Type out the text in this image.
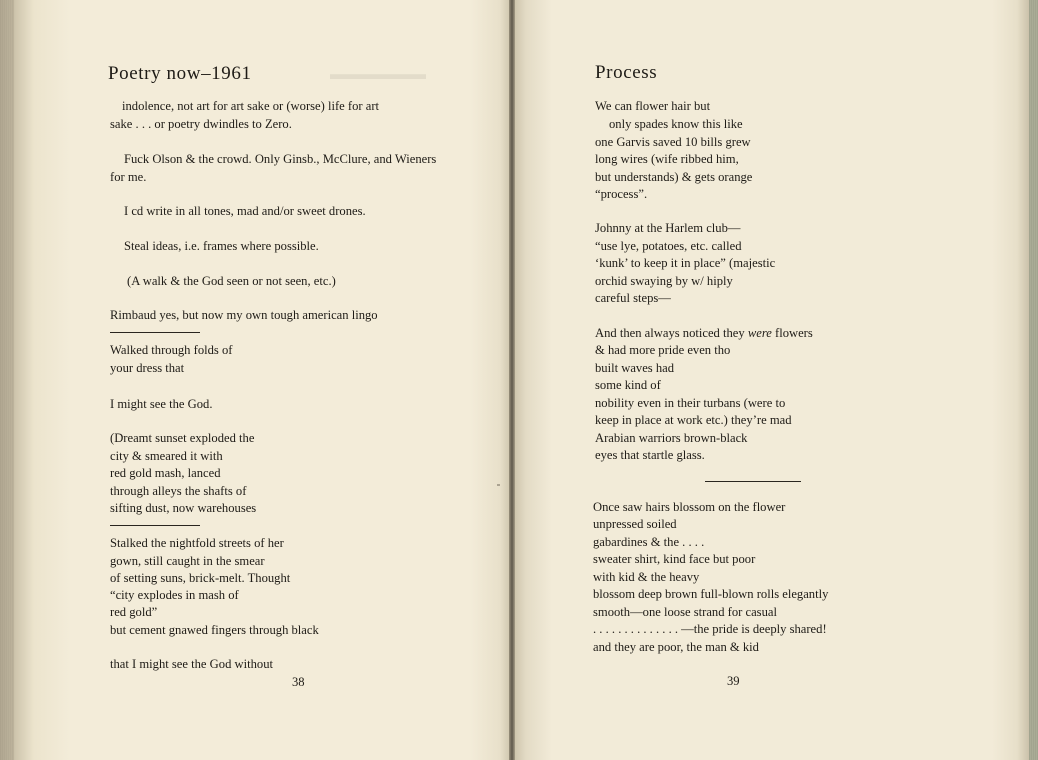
▬▬▬▬▬▬
Poetry now–1961
indolence, not art for art sake or (worse) life for art
sake . . . or poetry dwindles to Zero.
Fuck Olson & the crowd. Only Ginsb., McClure, and Wieners
for me.
I cd write in all tones, mad and/or sweet drones.
Steal ideas, i.e. frames where possible.
(A walk & the God seen or not seen, etc.)
Rimbaud yes, but now my own tough american lingo
Walked through folds of
your dress that
I might see the God.
(Dreamt sunset exploded the
city & smeared it with
red gold mash, lanced
through alleys the shafts of
sifting dust, now warehouses
Stalked the nightfold streets of her
gown, still caught in the smear
of setting suns, brick-melt. Thought
“city explodes in mash of
red gold”
but cement gnawed fingers through black
that I might see the God without
38
Process
We can flower hair but
only spades know this like
one Garvis saved 10 bills grew
long wires (wife ribbed him,
but understands) & gets orange
“process”.
Johnny at the Harlem club—
“use lye, potatoes, etc. called
‘kunk’ to keep it in place” (majestic
orchid swaying by w/ hiply
careful steps—
And then always noticed they were flowers
& had more pride even tho
built waves had
some kind of
nobility even in their turbans (were to
keep in place at work etc.) they’re mad
Arabian warriors brown-black
eyes that startle glass.
Once saw hairs blossom on the flower
unpressed soiled
gabardines & the . . . .
sweater shirt, kind face but poor
with kid & the heavy
blossom deep brown full-blown rolls elegantly
smooth—one loose strand for casual
. . . . . . . . . . . . . . —the pride is deeply shared!
and they are poor, the man & kid
39
